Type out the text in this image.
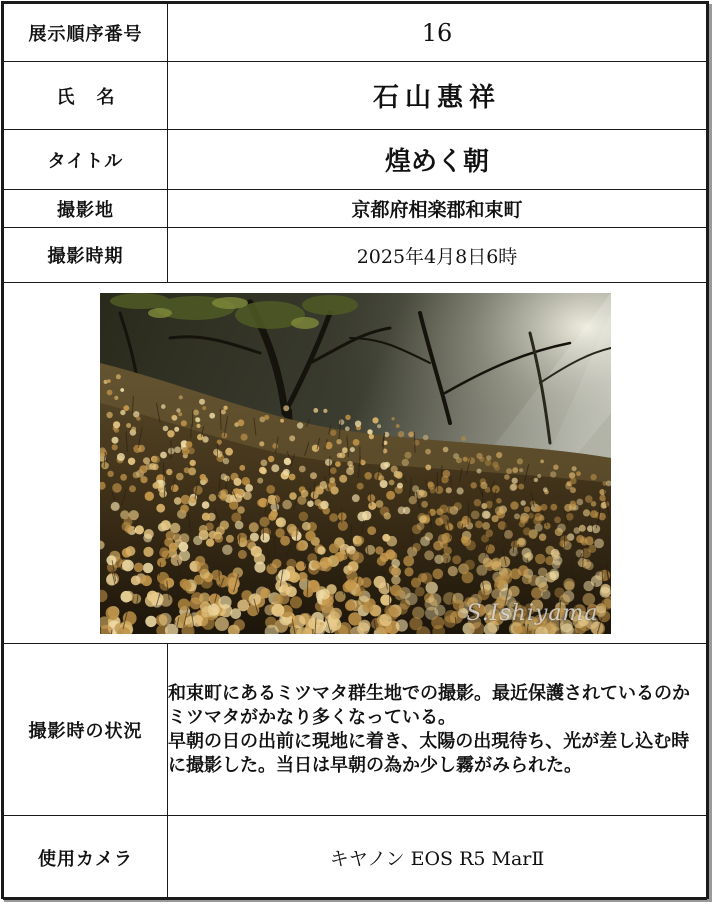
展示順序番号	16
氏名	石山惠祥
タイトル	煌めく朝
撮影地	京都府相楽郡和束町
撮影時期	2025年4月8日6時

S.Ishiyama	

撮影時の状況	和束町にあるミツマタ群生地での撮影。最近保護されているのかミツマタがかなり多くなっている。
早朝の日の出前に現地に着き、太陽の出現待ち、光が差し込む時に撮影した。当日は早朝の為か少し霧がみられた。

使用カメラ	キヤノン EOS R5 MarⅡ
